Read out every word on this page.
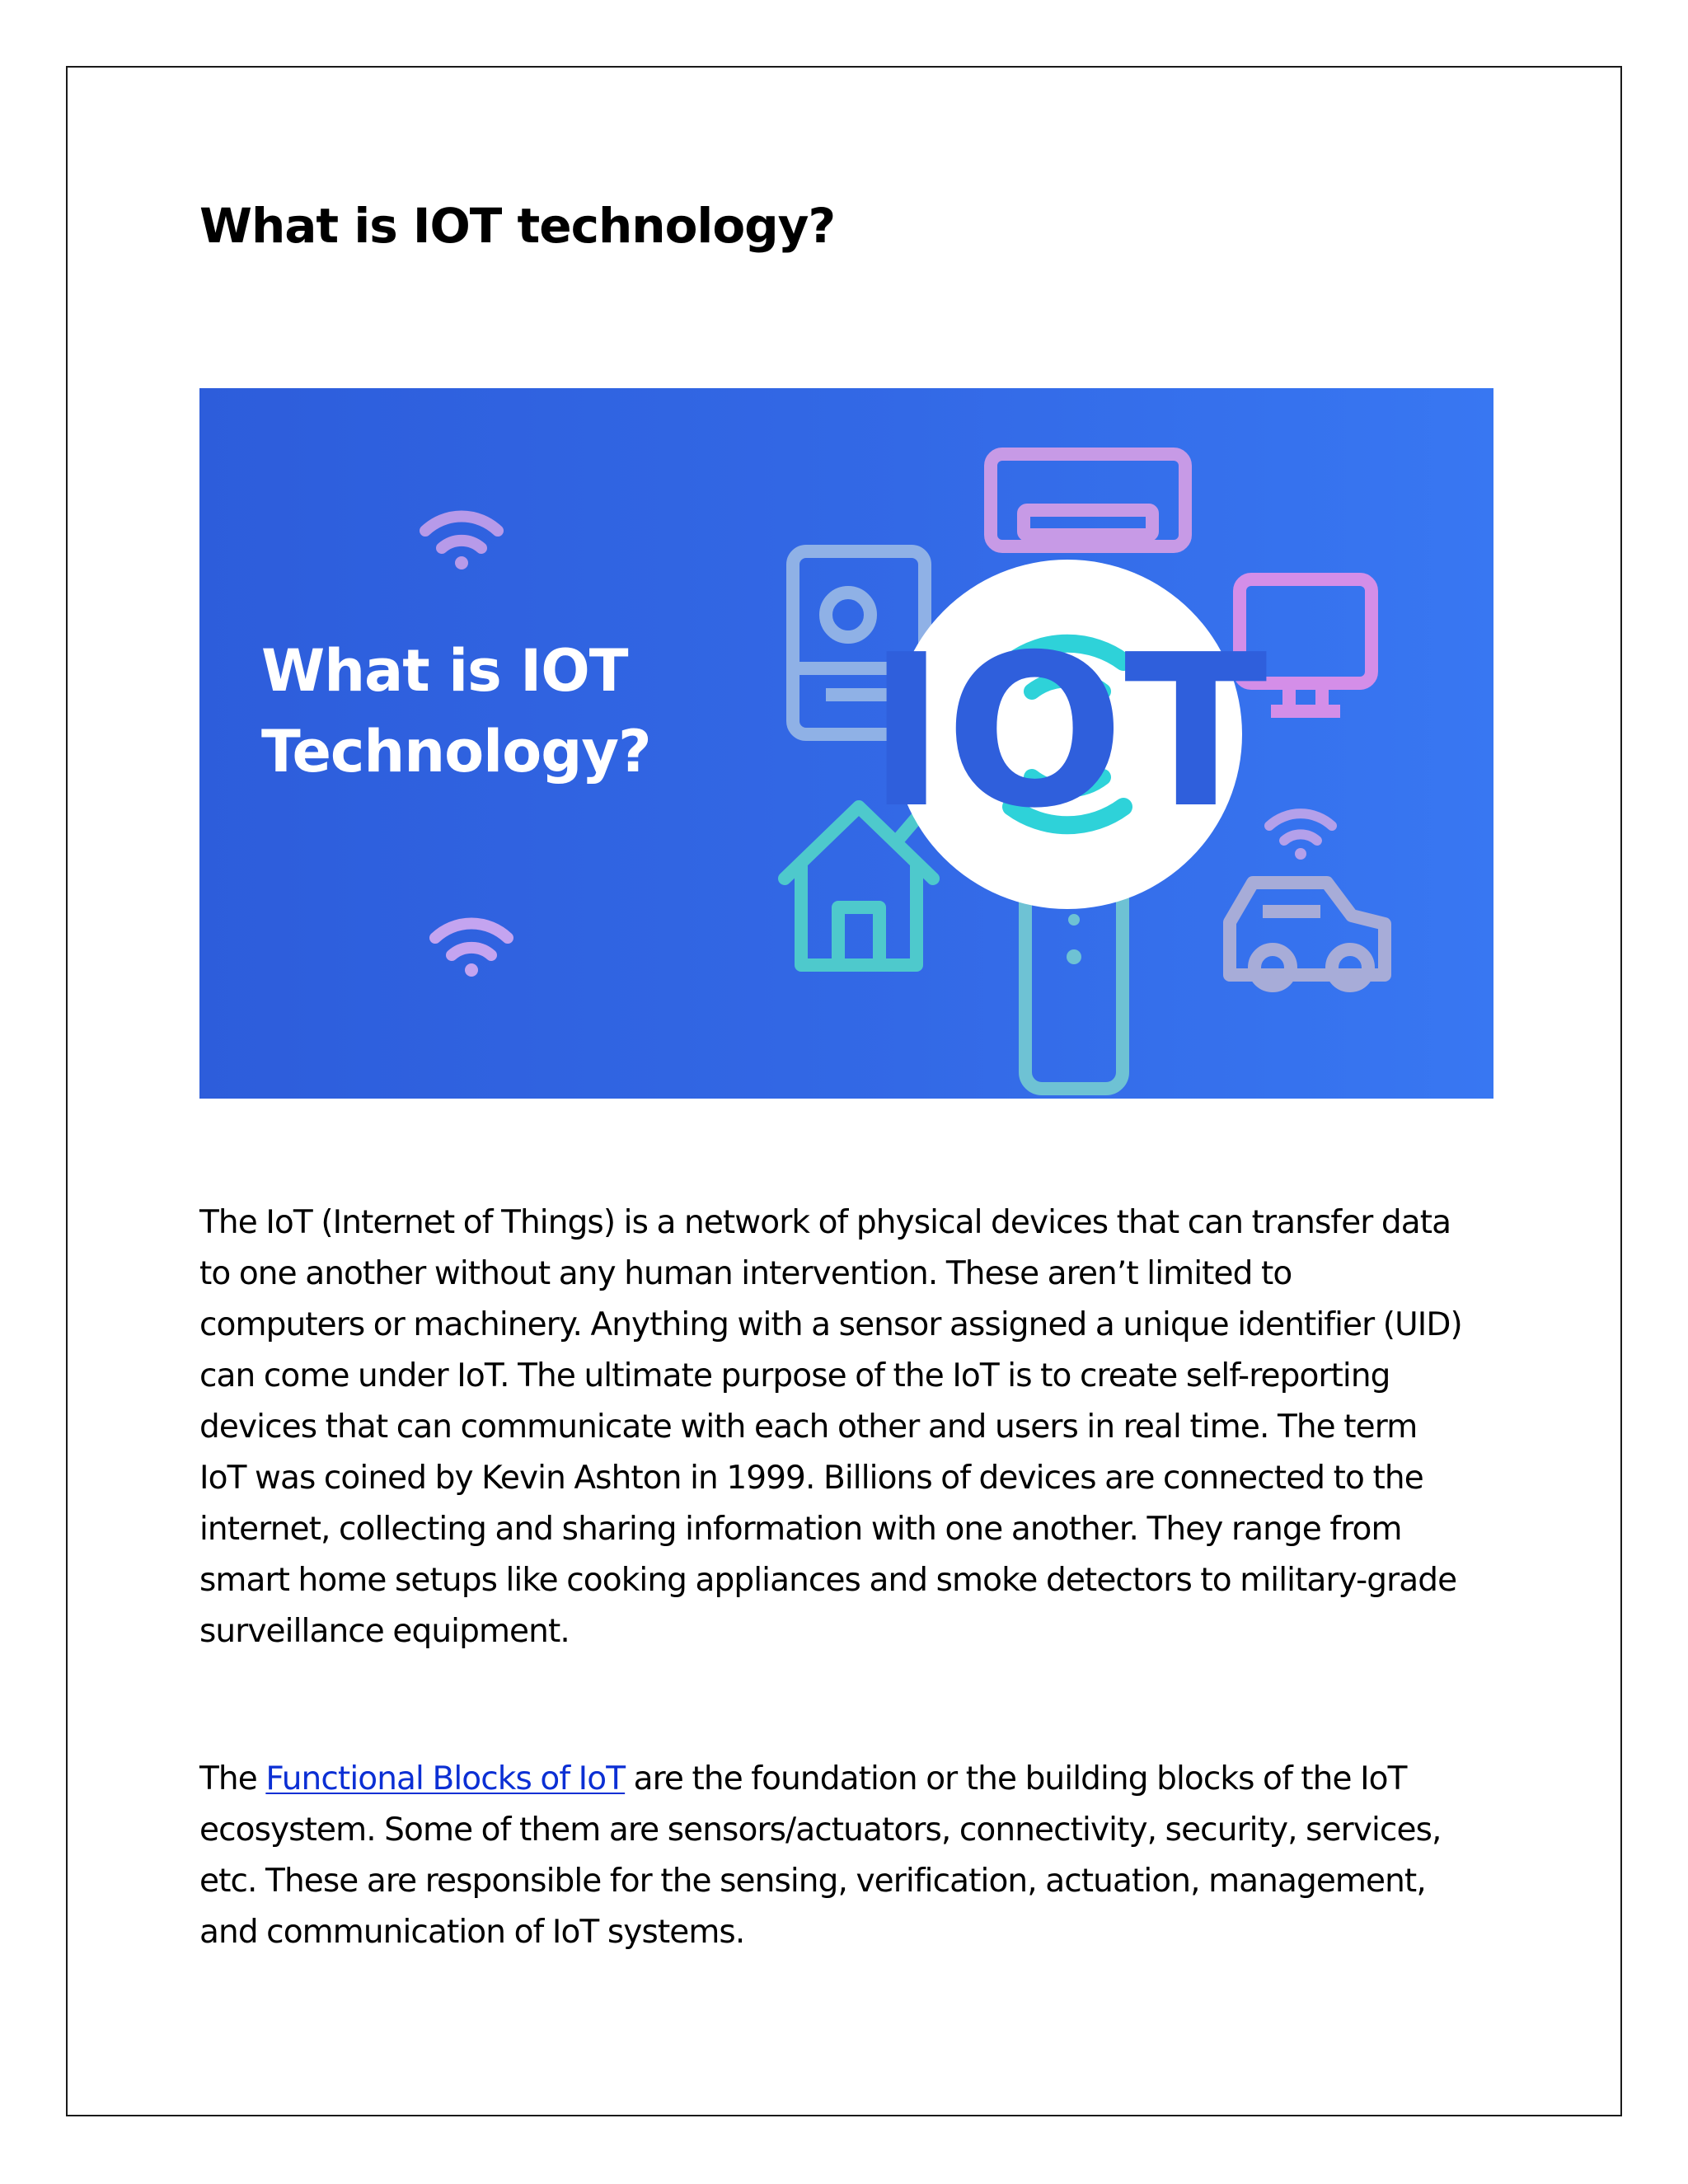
What is IOT technology?
What is IOT
Technology? IOT

The IoT (Internet of Things) is a network of physical devices that can transfer data
to one another without any human intervention. These aren’t limited to
computers or machinery. Anything with a sensor assigned a unique identifier (UID)
can come under IoT. The ultimate purpose of the IoT is to create self-reporting
devices that can communicate with each other and users in real time. The term
IoT was coined by Kevin Ashton in 1999. Billions of devices are connected to the
internet, collecting and sharing information with one another. They range from
smart home setups like cooking appliances and smoke detectors to military-grade
surveillance equipment.

The Functional Blocks of IoT are the foundation or the building blocks of the IoT
ecosystem. Some of them are sensors/actuators, connectivity, security, services,
etc. These are responsible for the sensing, verification, actuation, management,
and communication of IoT systems.
